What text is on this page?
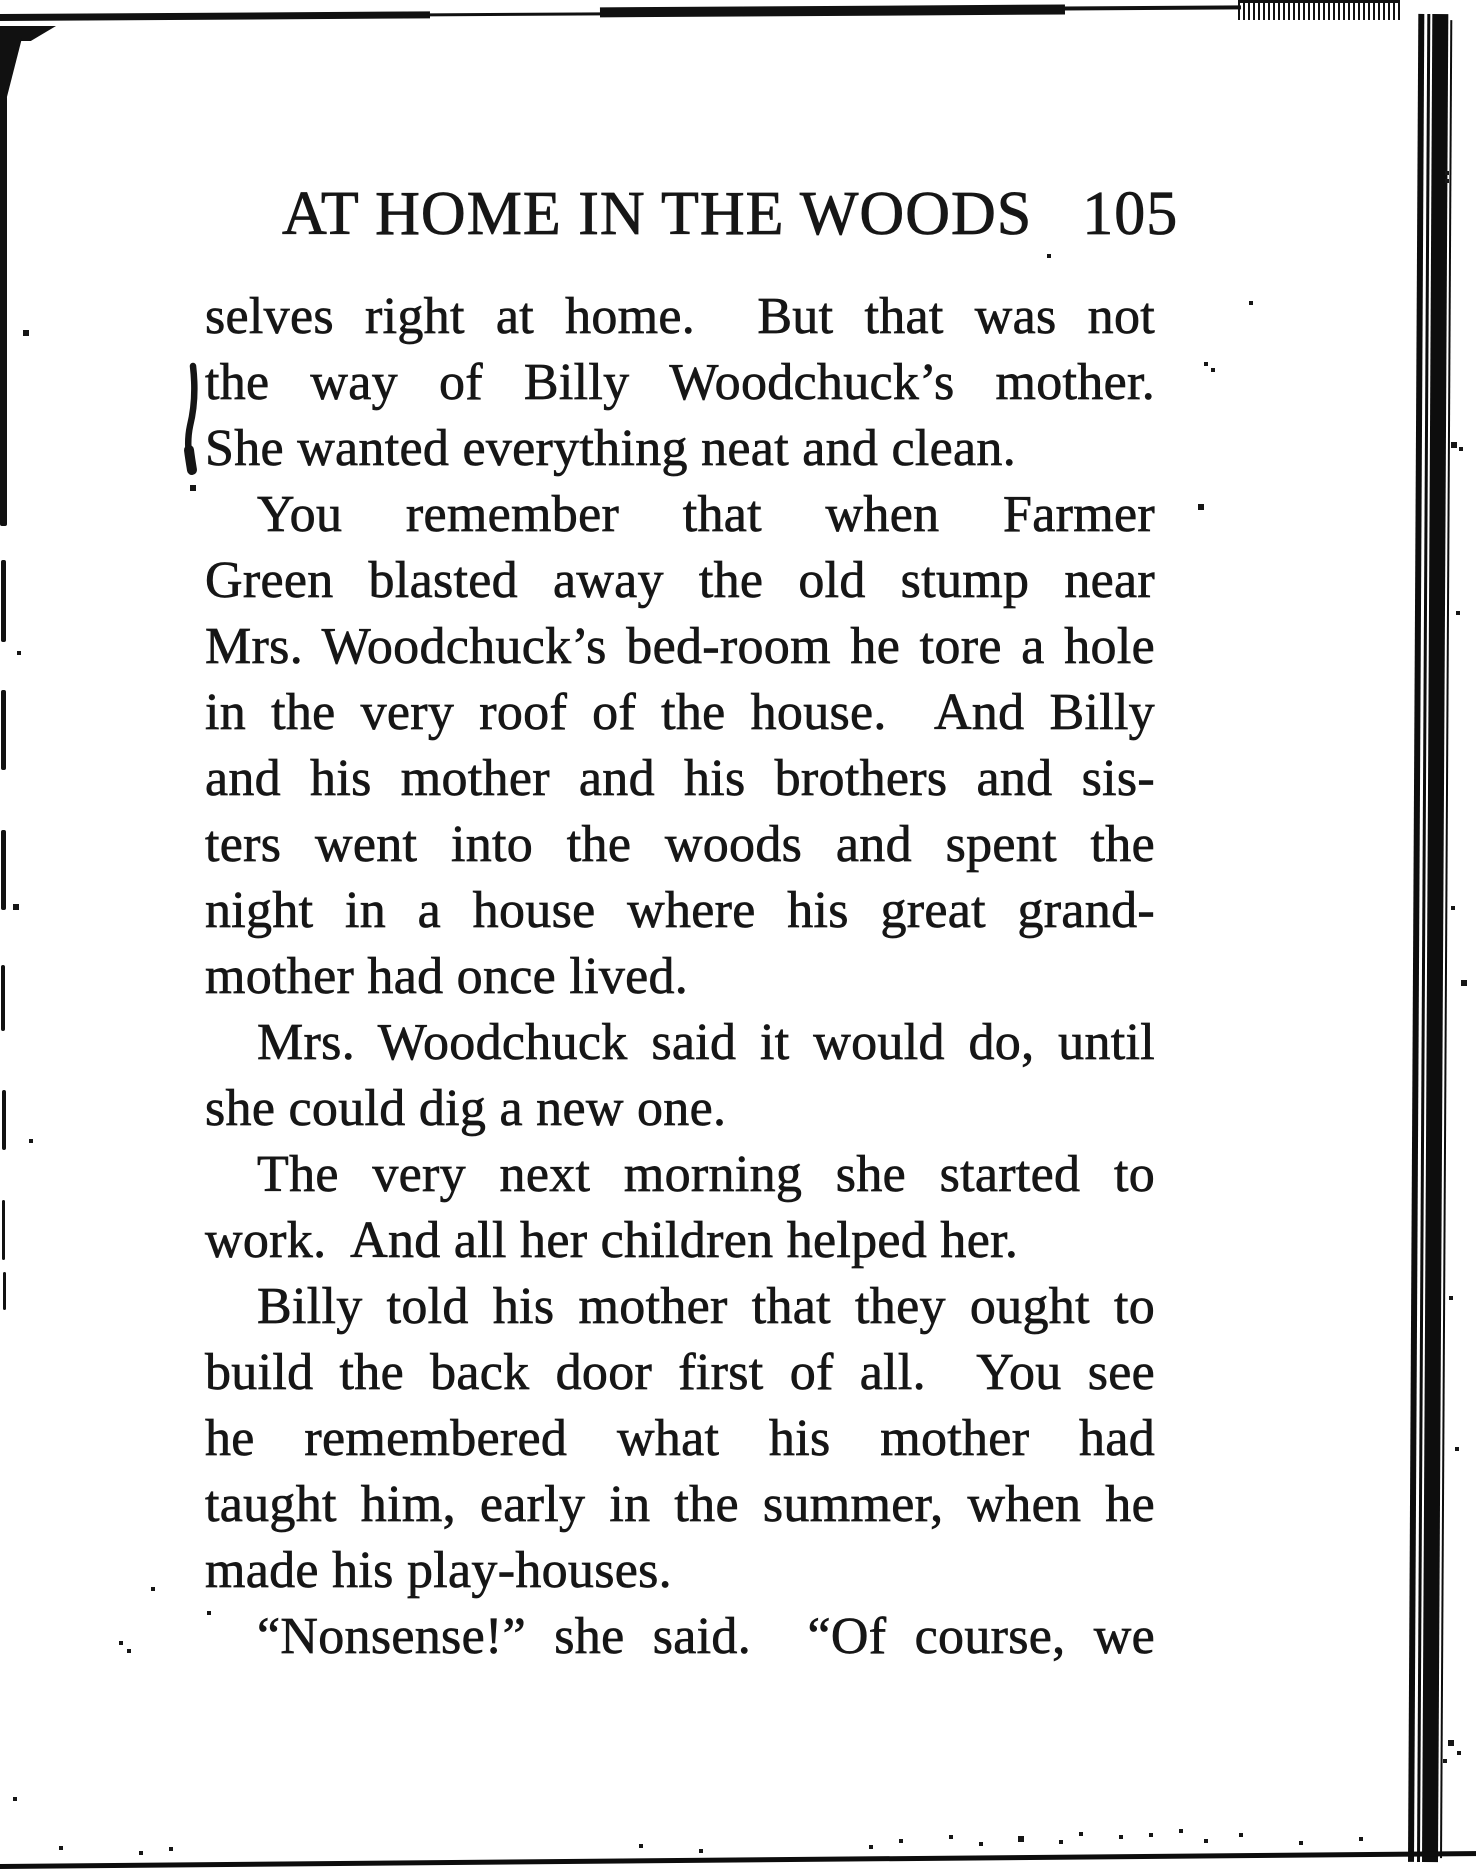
AT HOME IN THE WOODS 105
selves right at home.  But that was not
the way of Billy Woodchuck’s mother.
She wanted everything neat and clean.
You remember that when Farmer
Green blasted away the old stump near
Mrs. Woodchuck’s bed-room he tore a hole
in the very roof of the house.  And Billy
and his mother and his brothers and sis-
ters went into the woods and spent the
night in a house where his great grand-
mother had once lived.
Mrs. Woodchuck said it would do, until
she could dig a new one.
The very next morning she started to
work.  And all her children helped her.
Billy told his mother that they ought to
build the back door first of all.  You see
he remembered what his mother had
taught him, early in the summer, when he
made his play-houses.
“Nonsense!” she said.  “Of course, we
